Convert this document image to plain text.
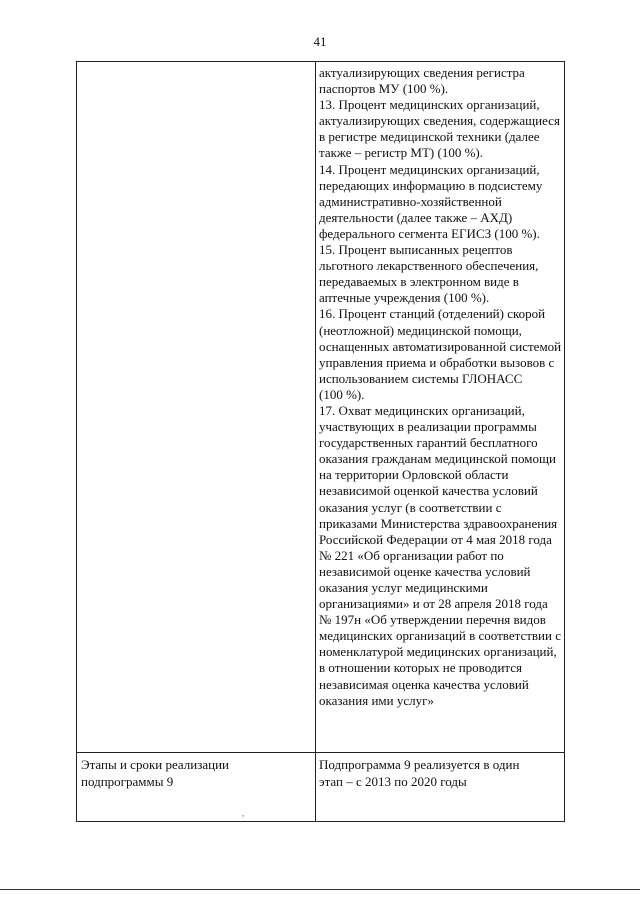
41
актуализирующих сведения регистра
паспортов МУ (100 %).
13. Процент медицинских организаций,
актуализирующих сведения, содержащиеся
в регистре медицинской техники (далее
также – регистр МТ) (100 %).
14. Процент медицинских организаций,
передающих информацию в подсистему
административно-хозяйственной
деятельности (далее также – АХД)
федерального сегмента ЕГИСЗ (100 %).
15. Процент выписанных рецептов
льготного лекарственного обеспечения,
передаваемых в электронном виде в
аптечные учреждения (100 %).
16. Процент станций (отделений) скорой
(неотложной) медицинской помощи,
оснащенных автоматизированной системой
управления приема и обработки вызовов с
использованием системы ГЛОНАСС
(100 %).
17. Охват медицинских организаций,
участвующих в реализации программы
государственных гарантий бесплатного
оказания гражданам медицинской помощи
на территории Орловской области
независимой оценкой качества условий
оказания услуг (в соответствии с
приказами Министерства здравоохранения
Российской Федерации от 4 мая 2018 года
№ 221 «Об организации работ по
независимой оценке качества условий
оказания услуг медицинскими
организациями» и от 28 апреля 2018 года
№ 197н «Об утверждении перечня видов
медицинских организаций в соответствии с
номенклатурой медицинских организаций,
в отношении которых не проводится
независимая оценка качества условий
оказания ими услуг»
Этапы и сроки реализации
подпрограммы 9
Подпрограмма 9 реализуется в один
этап – с 2013 по 2020 годы
,
